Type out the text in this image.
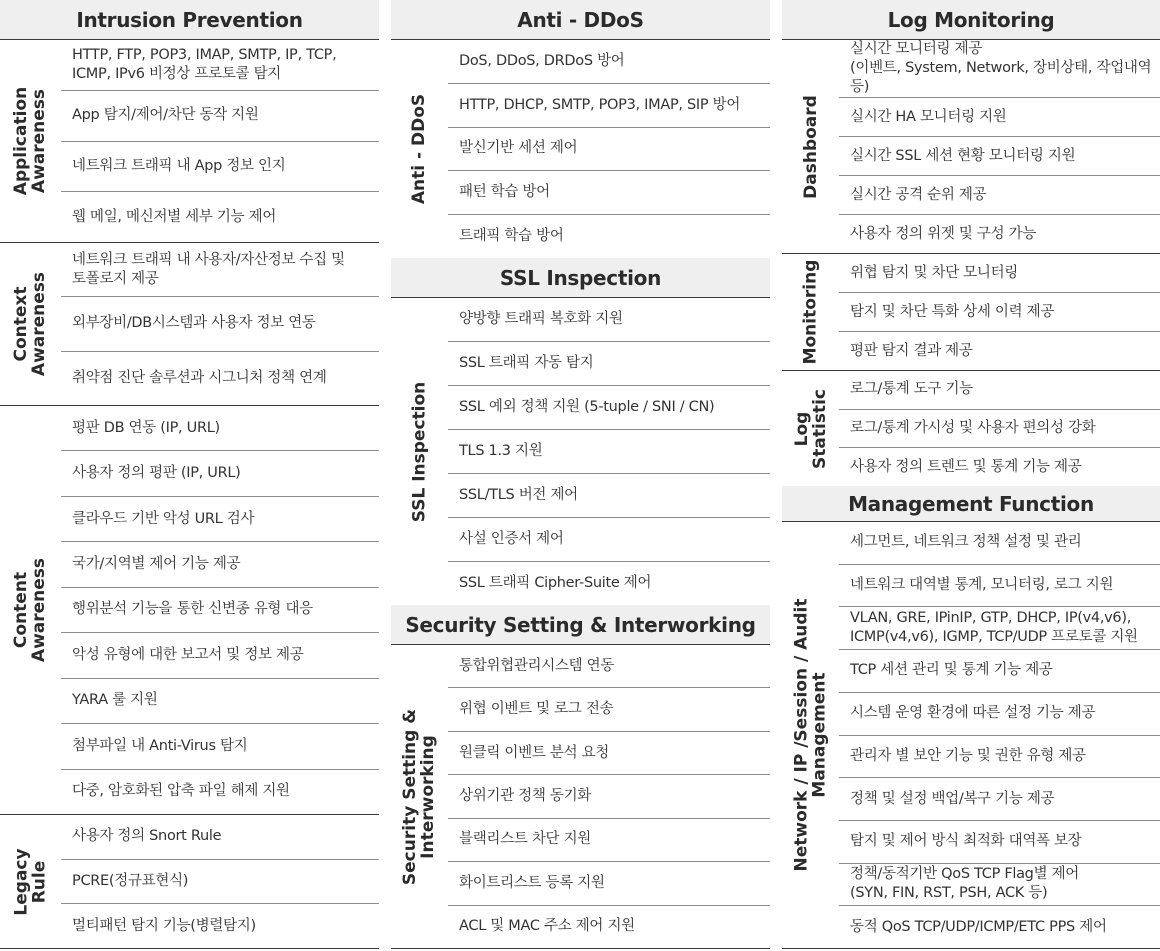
Intrusion Prevention
Application
Awareness
HTTP, FTP, POP3, IMAP, SMTP, IP, TCP,
ICMP, IPv6 비정상 프로토콜 탐지
App 탐지/제어/차단 동작 지원
네트워크 트래픽 내 App 정보 인지
웹 메일, 메신저별 세부 기능 제어
Context
Awareness
네트워크 트래픽 내 사용자/자산정보 수집 및
토폴로지 제공
외부장비/DB시스템과 사용자 정보 연동
취약점 진단 솔루션과 시그니처 정책 연계
Content
Awareness
평판 DB 연동 (IP, URL)
사용자 정의 평판 (IP, URL)
클라우드 기반 악성 URL 검사
국가/지역별 제어 기능 제공
행위분석 기능을 통한 신변종 유형 대응
악성 유형에 대한 보고서 및 정보 제공
YARA 룰 지원
첨부파일 내 Anti-Virus 탐지
다중, 암호화된 압축 파일 해제 지원
Legacy
Rule
사용자 정의 Snort Rule
PCRE(정규표현식)
멀티패턴 탐지 기능(병렬탐지)
Anti - DDoS
Anti - DDoS
DoS, DDoS, DRDoS 방어
HTTP, DHCP, SMTP, POP3, IMAP, SIP 방어
발신기반 세션 제어
패턴 학습 방어
트래픽 학습 방어
SSL Inspection
SSL Inspection
양방향 트래픽 복호화 지원
SSL 트래픽 자동 탐지
SSL 예외 정책 지원 (5-tuple / SNI / CN)
TLS 1.3 지원
SSL/TLS 버전 제어
사설 인증서 제어
SSL 트래픽 Cipher-Suite 제어
Security Setting & Interworking
Security Setting &
Interworking
통합위협관리시스템 연동
위협 이벤트 및 로그 전송
원클릭 이벤트 분석 요청
상위기관 정책 동기화
블랙리스트 차단 지원
화이트리스트 등록 지원
ACL 및 MAC 주소 제어 지원
Log Monitoring
Dashboard
실시간 모니터링 제공
(이벤트, System, Network, 장비상태, 작업내역 등)
실시간 HA 모니터링 지원
실시간 SSL 세션 현황 모니터링 지원
실시간 공격 순위 제공
사용자 정의 위젯 및 구성 가능
Monitoring 위협 탐지 및 차단 모니터링
탐지 및 차단 특화 상세 이력 제공
평판 탐지 결과 제공
Log
Statistic 로그/통계 도구 기능
로그/통계 가시성 및 사용자 편의성 강화
사용자 정의 트렌드 및 통계 기능 제공
Management Function
Network / IP /Session / Audit
Management
세그먼트, 네트워크 정책 설정 및 관리
네트워크 대역별 통계, 모니터링, 로그 지원
VLAN, GRE, IPinIP, GTP, DHCP, IP(v4,v6),
ICMP(v4,v6), IGMP, TCP/UDP 프로토콜 지원
TCP 세션 관리 및 통계 기능 제공
시스템 운영 환경에 따른 설정 기능 제공
관리자 별 보안 기능 및 권한 유형 제공
정책 및 설정 백업/복구 기능 제공
탐지 및 제어 방식 최적화 대역폭 보장
정책/동적기반 QoS TCP Flag별 제어
(SYN, FIN, RST, PSH, ACK 등)
동적 QoS TCP/UDP/ICMP/ETC PPS 제어
